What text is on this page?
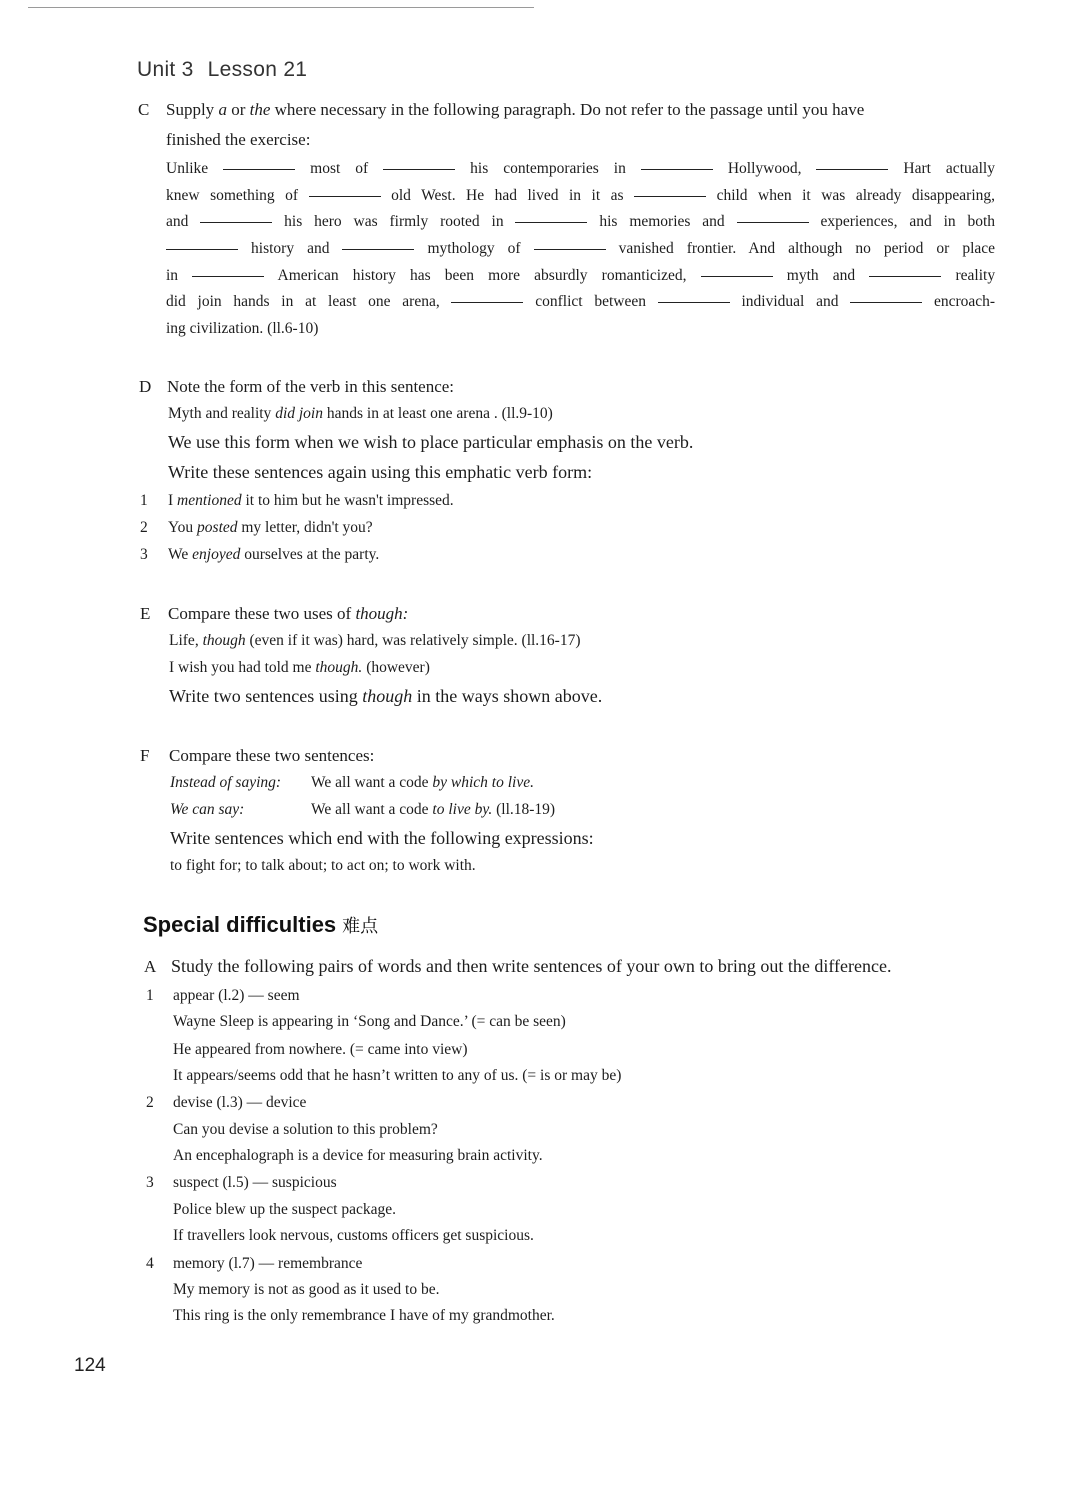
Unit 3 Lesson 21
C Supply a or the where necessary in the following paragraph. Do not refer to the passage until you have
finished the exercise:
Unlike	most of	his contemporaries in	Hollywood,	Hart actually
knew something of	old West. He had lived in it as	child when it was already disappearing,
and	his hero was firmly rooted in	his memories and	experiences, and in both
history and	mythology of	vanished frontier. And although no period or place
in	American history has been more absurdly romanticized,	myth and	reality
did join hands in at least one arena,	conflict between	individual and	encroach-
ing civilization. (ll.6-10)
D Note the form of the verb in this sentence:
Myth and reality did join hands in at least one arena . (ll.9-10)
We use this form when we wish to place particular emphasis on the verb.
Write these sentences again using this emphatic verb form:
1 I mentioned it to him but he wasn't impressed.
2 You posted my letter, didn't you?
3 We enjoyed ourselves at the party.
E Compare these two uses of though:
Life, though (even if it was) hard, was relatively simple. (ll.16-17)
I wish you had told me though. (however)
Write two sentences using though in the ways shown above.
F Compare these two sentences:
Instead of saying: We all want a code by which to live.
We can say:	We all want a code to live by. (ll.18-19)
Write sentences which end with the following expressions:
to fight for; to talk about; to act on; to work with.
Special difficulties 难点
A Study the following pairs of words and then write sentences of your own to bring out the difference.
1 appear (l.2) — seem
Wayne Sleep is appearing in ‘Song and Dance.’ (= can be seen)
He appeared from nowhere. (= came into view)
It appears/seems odd that he hasn’t written to any of us. (= is or may be)
2 devise (l.3) — device
Can you devise a solution to this problem?
An encephalograph is a device for measuring brain activity.
3 suspect (l.5) — suspicious
Police blew up the suspect package.
If travellers look nervous, customs officers get suspicious.
4 memory (l.7) — remembrance
My memory is not as good as it used to be.
This ring is the only remembrance I have of my grandmother.
124
